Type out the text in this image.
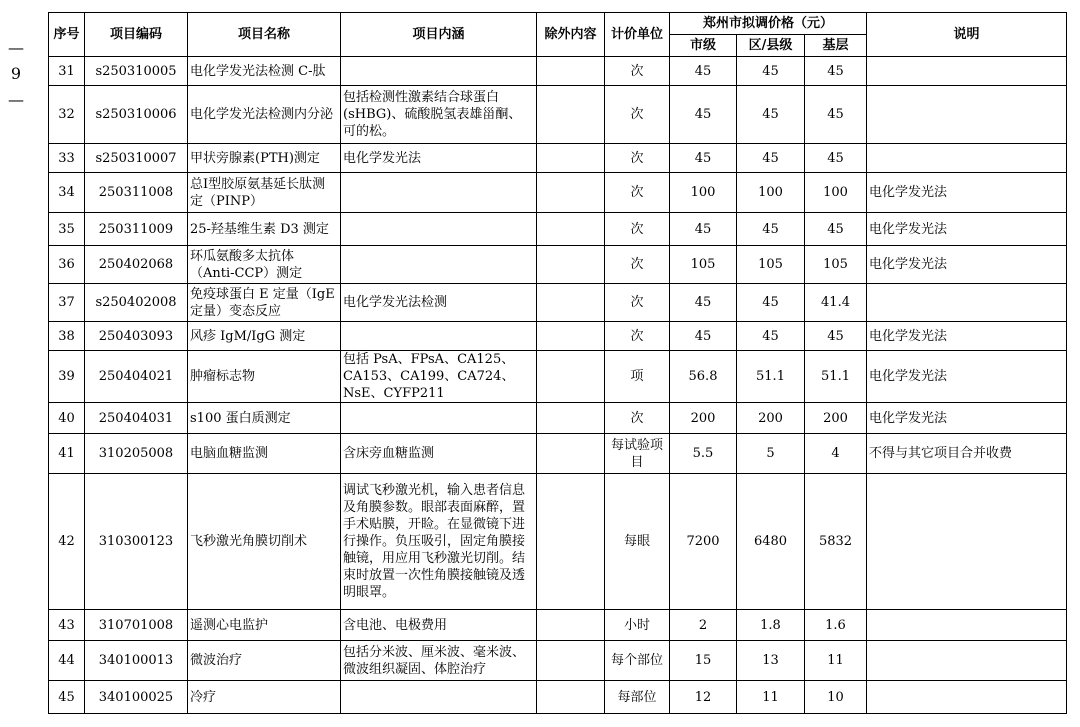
—
9
—
序号	项目编码	项目名称	项目内涵	除外内容	计价单位	郑州市拟调价格（元）			说明
						市级	区/县级	基层	
31	s250310005	电化学发光法检测 C-肽			次	45	45	45	
32	s250310006	电化学发光法检测内分泌	包括检测性激素结合球蛋白(sHBG)、硫酸脱氢表雄甾酮、可的松。		次	45	45	45	
33	s250310007	甲状旁腺素(PTH)测定	电化学发光法		次	45	45	45	
34	250311008	总Ⅰ型胶原氨基延长肽测定（PINP）			次	100	100	100	电化学发光法
35	250311009	25-羟基维生素 D3 测定			次	45	45	45	电化学发光法
36	250402068	环瓜氨酸多太抗体（Anti-CCP）测定			次	105	105	105	电化学发光法
37	s250402008	免疫球蛋白 E 定量（IgE定量）变态反应	电化学发光法检测		次	45	45	41.4	
38	250403093	风疹 IgM/IgG 测定			次	45	45	45	电化学发光法
39	250404021	肿瘤标志物	包括 PsA、FPsA、CA125、CA153、CA199、CA724、NsE、CYFP211		项	56.8	51.1	51.1	电化学发光法
40	250404031	s100 蛋白质测定			次	200	200	200	电化学发光法
41	310205008	电脑血糖监测	含床旁血糖监测		每试验项目	5.5	5	4	不得与其它项目合并收费
42	310300123	飞秒激光角膜切削术	调试飞秒激光机，输入患者信息及角膜参数。眼部表面麻醉，置手术贴膜，开睑。在显微镜下进行操作。负压吸引，固定角膜接触镜，用应用飞秒激光切削。结束时放置一次性角膜接触镜及透明眼罩。		每眼	7200	6480	5832	
43	310701008	遥测心电监护	含电池、电极费用		小时	2	1.8	1.6	
44	340100013	微波治疗	包括分米波、厘米波、毫米波、微波组织凝固、体腔治疗		每个部位	15	13	11	
45	340100025	冷疗			每部位	12	11	10	
